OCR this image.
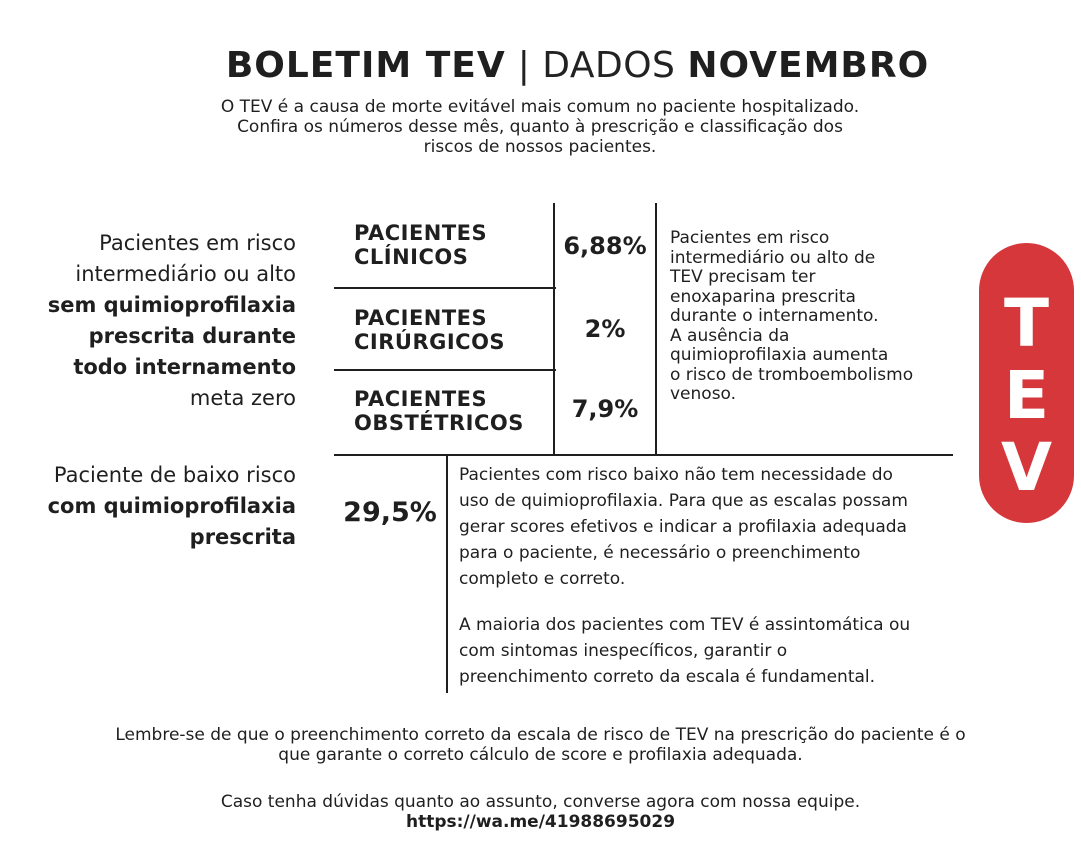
BOLETIM TEV | DADOS NOVEMBRO
O TEV é a causa de morte evitável mais comum no paciente hospitalizado.
Confira os números desse mês, quanto à prescrição e classificação dos
riscos de nossos pacientes.
Pacientes em risco
intermediário ou alto
sem quimioprofilaxia
prescrita durante
todo internamento
meta zero
PACIENTES
CLÍNICOS	6,88%
PACIENTES
CIRÚRGICOS	2%
PACIENTES
OBSTÉTRICOS	7,9%
Pacientes em risco
intermediário ou alto de
TEV precisam ter
enoxaparina prescrita
durante o internamento.
A ausência da
quimioprofilaxia aumenta
o risco de tromboembolismo
venoso.
T
E
V
Paciente de baixo risco
com quimioprofilaxia
prescrita
29,5%
Pacientes com risco baixo não tem necessidade do
uso de quimioprofilaxia. Para que as escalas possam
gerar scores efetivos e indicar a profilaxia adequada
para o paciente, é necessário o preenchimento
completo e correto.
A maioria dos pacientes com TEV é assintomática ou
com sintomas inespecíficos, garantir o
preenchimento correto da escala é fundamental.
Lembre-se de que o preenchimento correto da escala de risco de TEV na prescrição do paciente é o
que garante o correto cálculo de score e profilaxia adequada.
Caso tenha dúvidas quanto ao assunto, converse agora com nossa equipe.
https://wa.me/41988695029
